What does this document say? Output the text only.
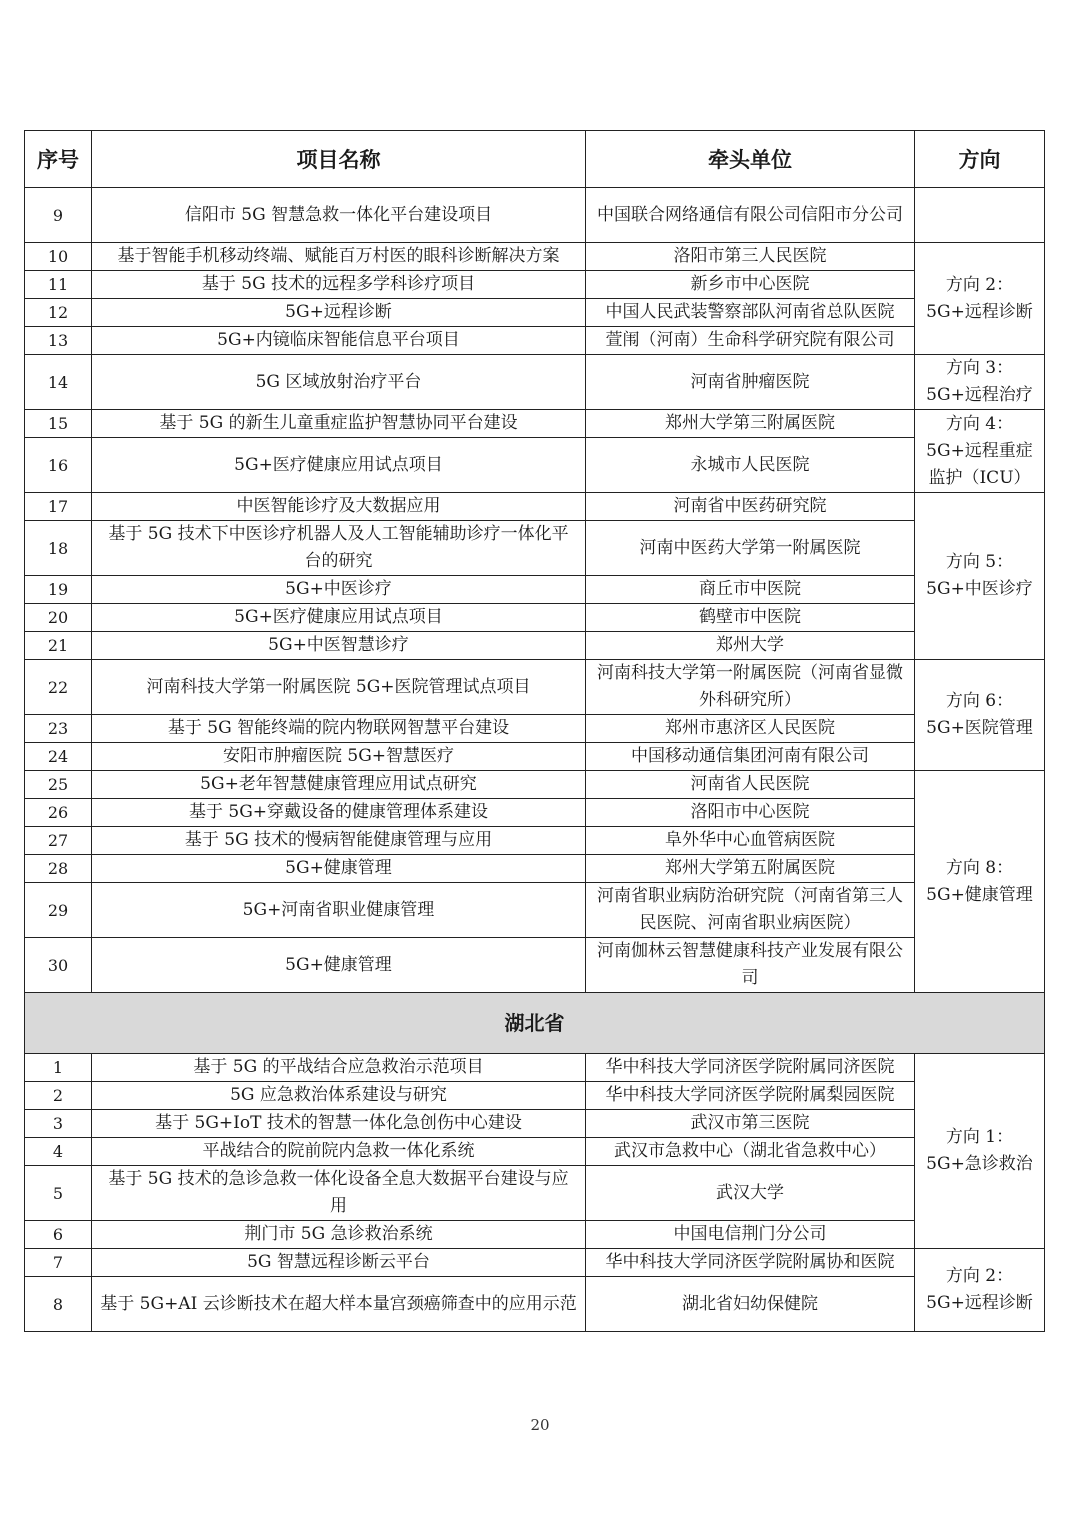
序号	项目名称	牵头单位	方向
9	信阳市 5G 智慧急救一体化平台建设项目	中国联合网络通信有限公司信阳市分公司	
10	基于智能手机移动终端、赋能百万村医的眼科诊断解决方案	洛阳市第三人民医院	方向 2：5G+远程诊断
11	基于 5G 技术的远程多学科诊疗项目	新乡市中心医院	
12	5G+远程诊断	中国人民武装警察部队河南省总队医院	
13	5G+内镜临床智能信息平台项目	萱闱（河南）生命科学研究院有限公司	
14	5G 区域放射治疗平台	河南省肿瘤医院	方向 3：5G+远程治疗
15	基于 5G 的新生儿童重症监护智慧协同平台建设	郑州大学第三附属医院	方向 4：5G+远程重症监护（ICU）
16	5G+医疗健康应用试点项目	永城市人民医院	
17	中医智能诊疗及大数据应用	河南省中医药研究院	方向 5：5G+中医诊疗
18	基于 5G 技术下中医诊疗机器人及人工智能辅助诊疗一体化平台的研究	河南中医药大学第一附属医院	
19	5G+中医诊疗	商丘市中医院	
20	5G+医疗健康应用试点项目	鹤壁市中医院	
21	5G+中医智慧诊疗	郑州大学	
22	河南科技大学第一附属医院 5G+医院管理试点项目	河南科技大学第一附属医院（河南省显微外科研究所）	方向 6：5G+医院管理
23	基于 5G 智能终端的院内物联网智慧平台建设	郑州市惠济区人民医院	
24	安阳市肿瘤医院 5G+智慧医疗	中国移动通信集团河南有限公司	
25	5G+老年智慧健康管理应用试点研究	河南省人民医院	方向 8：5G+健康管理
26	基于 5G+穿戴设备的健康管理体系建设	洛阳市中心医院	
27	基于 5G 技术的慢病智能健康管理与应用	阜外华中心血管病医院	
28	5G+健康管理	郑州大学第五附属医院	
29	5G+河南省职业健康管理	河南省职业病防治研究院（河南省第三人民医院、河南省职业病医院）	
30	5G+健康管理	河南伽林云智慧健康科技产业发展有限公司	
湖北省			
1	基于 5G 的平战结合应急救治示范项目	华中科技大学同济医学院附属同济医院	方向 1：5G+急诊救治
2	5G 应急救治体系建设与研究	华中科技大学同济医学院附属梨园医院	
3	基于 5G+IoT 技术的智慧一体化急创伤中心建设	武汉市第三医院	
4	平战结合的院前院内急救一体化系统	武汉市急救中心（湖北省急救中心）	
5	基于 5G 技术的急诊急救一体化设备全息大数据平台建设与应用	武汉大学	
6	荆门市 5G 急诊救治系统	中国电信荆门分公司	
7	5G 智慧远程诊断云平台	华中科技大学同济医学院附属协和医院	方向 2：5G+远程诊断
8	基于 5G+AI 云诊断技术在超大样本量宫颈癌筛查中的应用示范	湖北省妇幼保健院	
20
